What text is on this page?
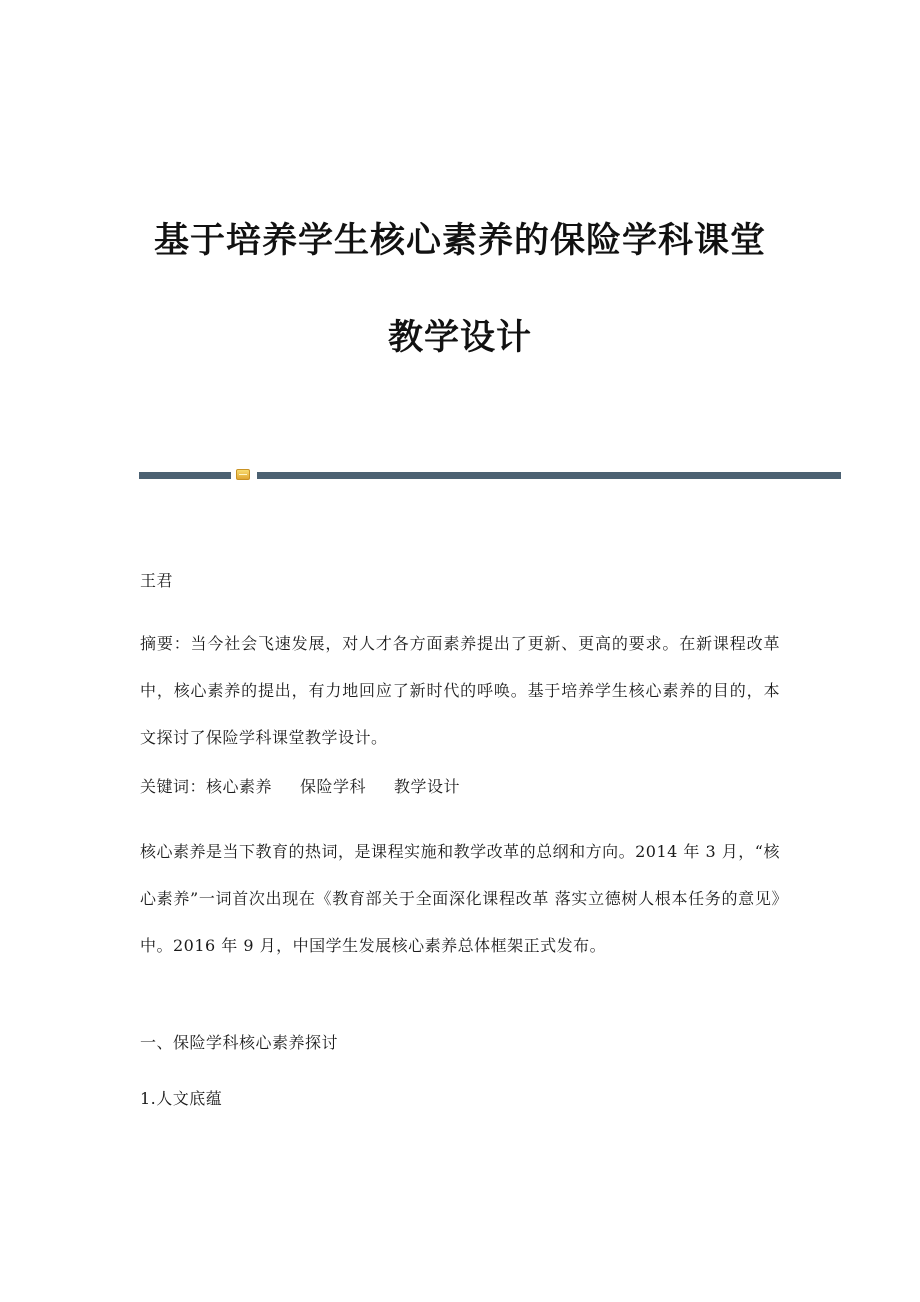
基于培养学生核心素养的保险学科课堂
教学设计

王君

摘要：当今社会飞速发展，对人才各方面素养提出了更新、更高的要求。在新课程改革中，核心素养的提出，有力地回应了新时代的呼唤。基于培养学生核心素养的目的，本文探讨了保险学科课堂教学设计。

关键词：核心素养 保险学科 教学设计

核心素养是当下教育的热词，是课程实施和教学改革的总纲和方向。2014 年 3 月，“核心素养”一词首次出现在《教育部关于全面深化课程改革 落实立德树人根本任务的意见》中。2016 年 9 月，中国学生发展核心素养总体框架正式发布。

一、保险学科核心素养探讨

1.人文底蕴
